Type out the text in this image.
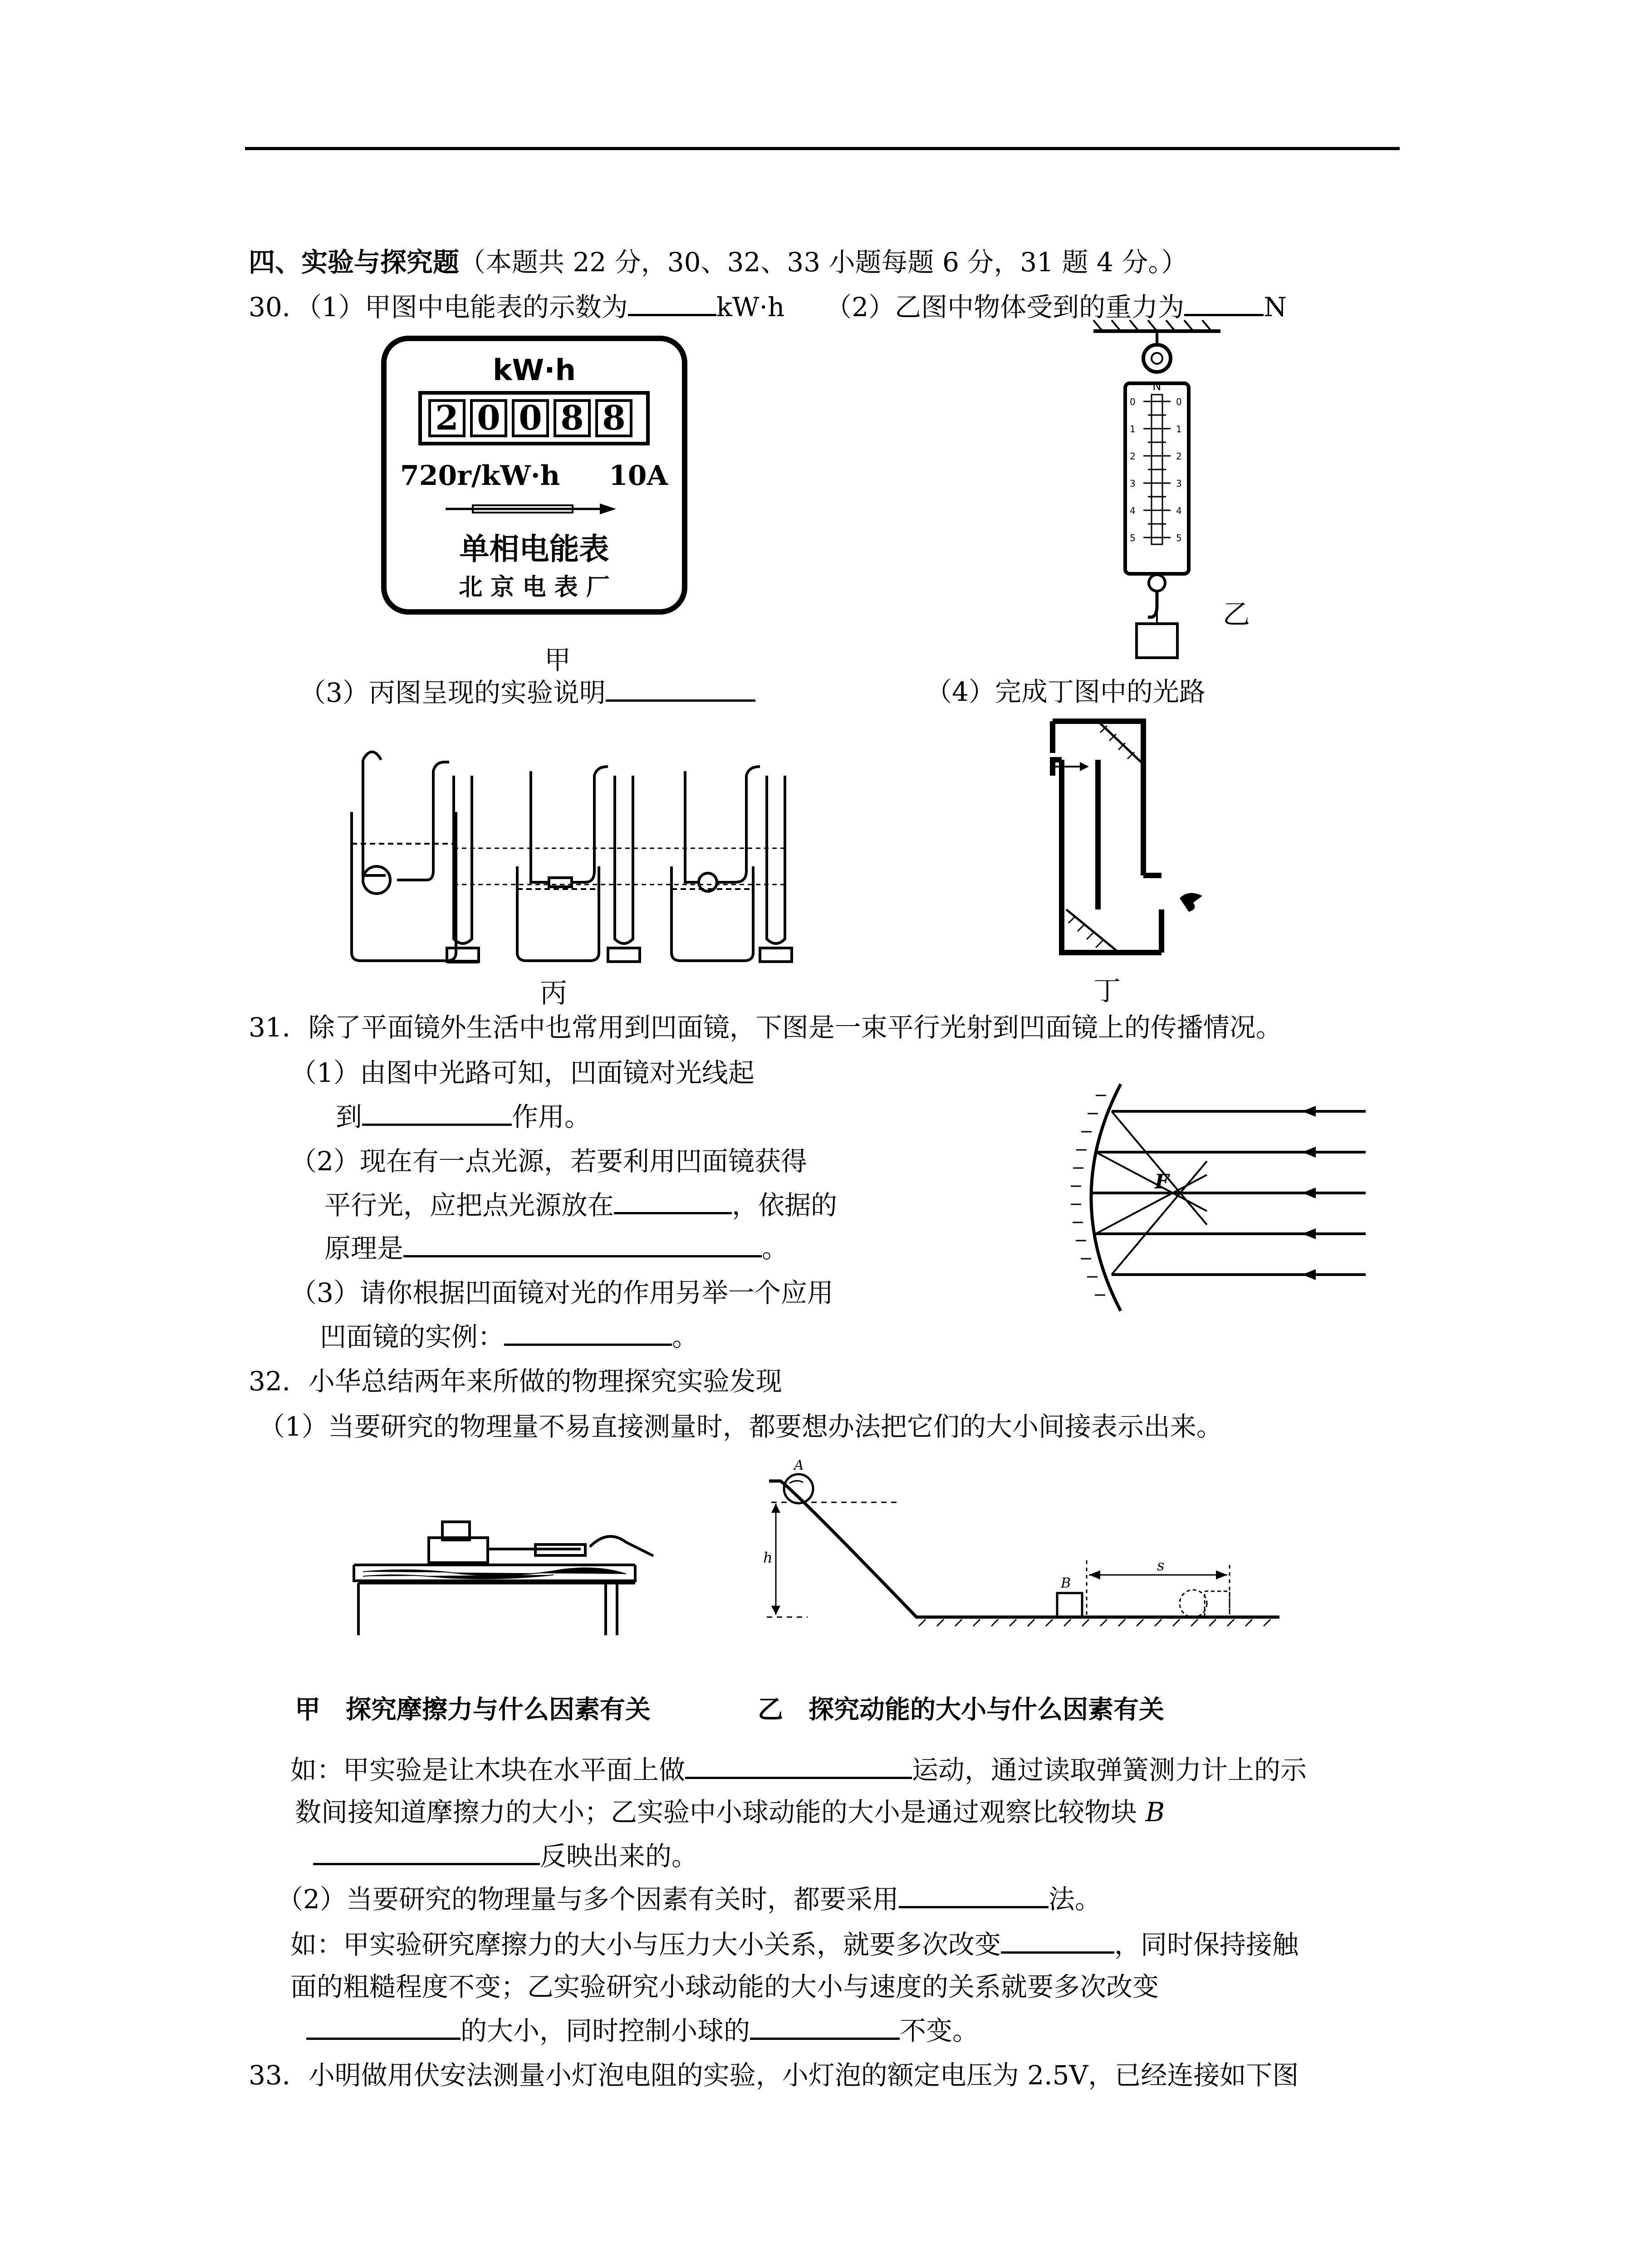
四、实验与探究题（本题共 22 分，30、32、33 小题每题 6 分，31 题 4 分。）
30．（1）甲图中电能表的示数为	kW·h （2）乙图中物体受到的重力为	N
kW·h
2 0 0 8 8
720r/kW·h 10A
单相电能表
北 京 电 表 厂
甲
N
0
1
2
3
4
5
0
1
2
3
4
5
乙
（3）丙图呈现的实验说明	（4）完成丁图中的光路
丙	丁
31．除了平面镜外生活中也常用到凹面镜，下图是一束平行光射到凹面镜上的传播情况。
（1）由图中光路可知，凹面镜对光线起
到	作用。
（2）现在有一点光源，若要利用凹面镜获得
平行光，应把点光源放在	，依据的
原理是	。
（3）请你根据凹面镜对光的作用另举一个应用
凹面镜的实例：	。
F
32．小华总结两年来所做的物理探究实验发现
（1）当要研究的物理量不易直接测量时，都要想办法把它们的大小间接表示出来。
h
A
B
s
甲　探究摩擦力与什么因素有关	乙　探究动能的大小与什么因素有关
如：甲实验是让木块在水平面上做	运动，通过读取弹簧测力计上的示
数间接知道摩擦力的大小；乙实验中小球动能的大小是通过观察比较物块 B
反映出来的。
（2）当要研究的物理量与多个因素有关时，都要采用	法。
如：甲实验研究摩擦力的大小与压力大小关系，就要多次改变	，同时保持接触
面的粗糙程度不变；乙实验研究小球动能的大小与速度的关系就要多次改变
的大小，同时控制小球的	不变。
33．小明做用伏安法测量小灯泡电阻的实验，小灯泡的额定电压为 2.5V，已经连接如下图
